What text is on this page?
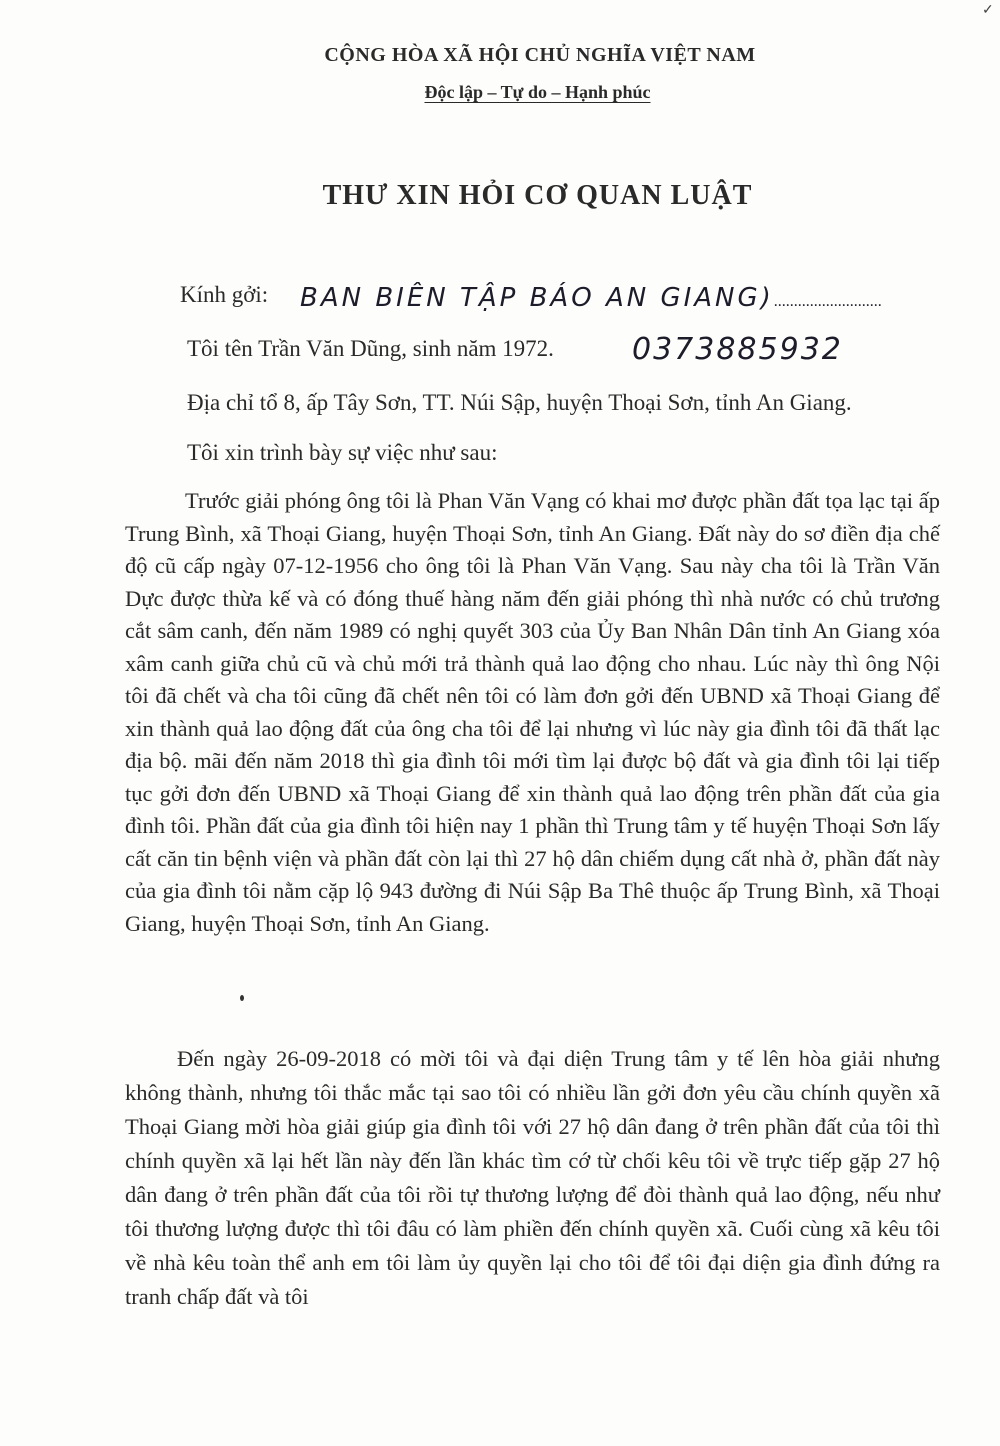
✓
CỘNG HÒA XÃ HỘI CHỦ NGHĨA VIỆT NAM
Độc lập – Tự do – Hạnh phúc
THƯ XIN HỎI CƠ QUAN LUẬT
Kính gởi: BAN BIÊN TẬP BÁO AN GIANG)...........................
Tôi tên Trần Văn Dũng, sinh năm 1972.	0373885932
Địa chỉ tổ 8, ấp Tây Sơn, TT. Núi Sập, huyện Thoại Sơn, tỉnh An Giang.
Tôi xin trình bày sự việc như sau:
Trước giải phóng ông tôi là Phan Văn Vạng có khai mơ được phần đất tọa lạc tại ấp Trung Bình, xã Thoại Giang, huyện Thoại Sơn, tỉnh An Giang. Đất này do sơ điền địa chế độ cũ cấp ngày 07-12-1956 cho ông tôi là Phan Văn Vạng. Sau này cha tôi là Trần Văn Dực được thừa kế và có đóng thuế hàng năm đến giải phóng thì nhà nước có chủ trương cắt sâm canh, đến năm 1989 có nghị quyết 303 của Ủy Ban Nhân Dân tỉnh An Giang xóa xâm canh giữa chủ cũ và chủ mới trả thành quả lao động cho nhau. Lúc này thì ông Nội tôi đã chết và cha tôi cũng đã chết nên tôi có làm đơn gởi đến UBND xã Thoại Giang để xin thành quả lao động đất của ông cha tôi để lại nhưng vì lúc này gia đình tôi đã thất lạc địa bộ. mãi đến năm 2018 thì gia đình tôi mới tìm lại được bộ đất và gia đình tôi lại tiếp tục gởi đơn đến UBND xã Thoại Giang để xin thành quả lao động trên phần đất của gia đình tôi. Phần đất của gia đình tôi hiện nay 1 phần thì Trung tâm y tế huyện Thoại Sơn lấy cất căn tin bệnh viện và phần đất còn lại thì 27 hộ dân chiếm dụng cất nhà ở, phần đất này của gia đình tôi nằm cặp lộ 943 đường đi Núi Sập Ba Thê thuộc ấp Trung Bình, xã Thoại Giang, huyện Thoại Sơn, tỉnh An Giang.
Đến ngày 26-09-2018 có mời tôi và đại diện Trung tâm y tế lên hòa giải nhưng không thành, nhưng tôi thắc mắc tại sao tôi có nhiều lần gởi đơn yêu cầu chính quyền xã Thoại Giang mời hòa giải giúp gia đình tôi với 27 hộ dân đang ở trên phần đất của tôi thì chính quyền xã lại hết lần này đến lần khác tìm cớ từ chối kêu tôi về trực tiếp gặp 27 hộ dân đang ở trên phần đất của tôi rồi tự thương lượng để đòi thành quả lao động, nếu như tôi thương lượng được thì tôi đâu có làm phiền đến chính quyền xã. Cuối cùng xã kêu tôi về nhà kêu toàn thể anh em tôi làm ủy quyền lại cho tôi để tôi đại diện gia đình đứng ra tranh chấp đất và tôi
